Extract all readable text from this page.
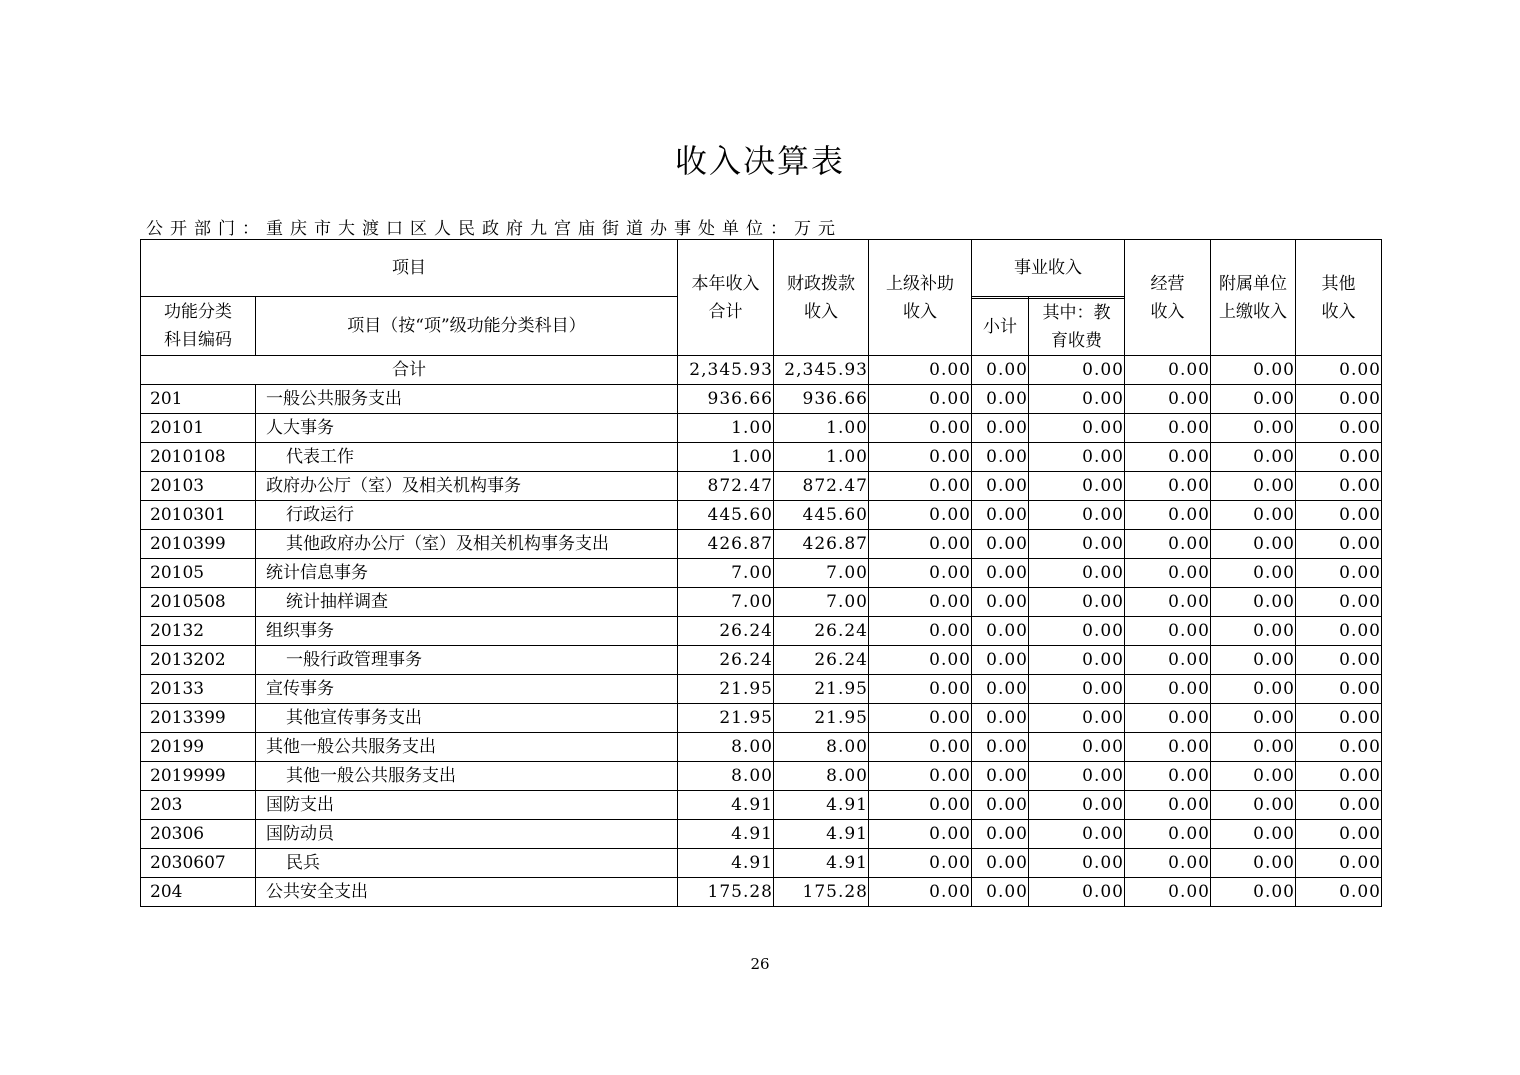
收入决算表
公开部门：重庆市大渡口区人民政府九宫庙街道办事处单位：万元
项目		本年收入合计	财政拨款收入	上级补助收入	事业收入		经营收入	附属单位上缴收入	其他收入
功能分类科目编码	项目（按“项”级功能分类科目）								
					小计	其中：教育收费			
合计		2,345.93	2,345.93	0.00	0.00	0.00	0.00	0.00	0.00
201	一般公共服务支出	936.66	936.66	0.00	0.00	0.00	0.00	0.00	0.00
20101	人大事务	1.00	1.00	0.00	0.00	0.00	0.00	0.00	0.00
2010108	代表工作	1.00	1.00	0.00	0.00	0.00	0.00	0.00	0.00
20103	政府办公厅（室）及相关机构事务	872.47	872.47	0.00	0.00	0.00	0.00	0.00	0.00
2010301	行政运行	445.60	445.60	0.00	0.00	0.00	0.00	0.00	0.00
2010399	其他政府办公厅（室）及相关机构事务支出	426.87	426.87	0.00	0.00	0.00	0.00	0.00	0.00
20105	统计信息事务	7.00	7.00	0.00	0.00	0.00	0.00	0.00	0.00
2010508	统计抽样调查	7.00	7.00	0.00	0.00	0.00	0.00	0.00	0.00
20132	组织事务	26.24	26.24	0.00	0.00	0.00	0.00	0.00	0.00
2013202	一般行政管理事务	26.24	26.24	0.00	0.00	0.00	0.00	0.00	0.00
20133	宣传事务	21.95	21.95	0.00	0.00	0.00	0.00	0.00	0.00
2013399	其他宣传事务支出	21.95	21.95	0.00	0.00	0.00	0.00	0.00	0.00
20199	其他一般公共服务支出	8.00	8.00	0.00	0.00	0.00	0.00	0.00	0.00
2019999	其他一般公共服务支出	8.00	8.00	0.00	0.00	0.00	0.00	0.00	0.00
203	国防支出	4.91	4.91	0.00	0.00	0.00	0.00	0.00	0.00
20306	国防动员	4.91	4.91	0.00	0.00	0.00	0.00	0.00	0.00
2030607	民兵	4.91	4.91	0.00	0.00	0.00	0.00	0.00	0.00
204	公共安全支出	175.28	175.28	0.00	0.00	0.00	0.00	0.00	0.00
26
